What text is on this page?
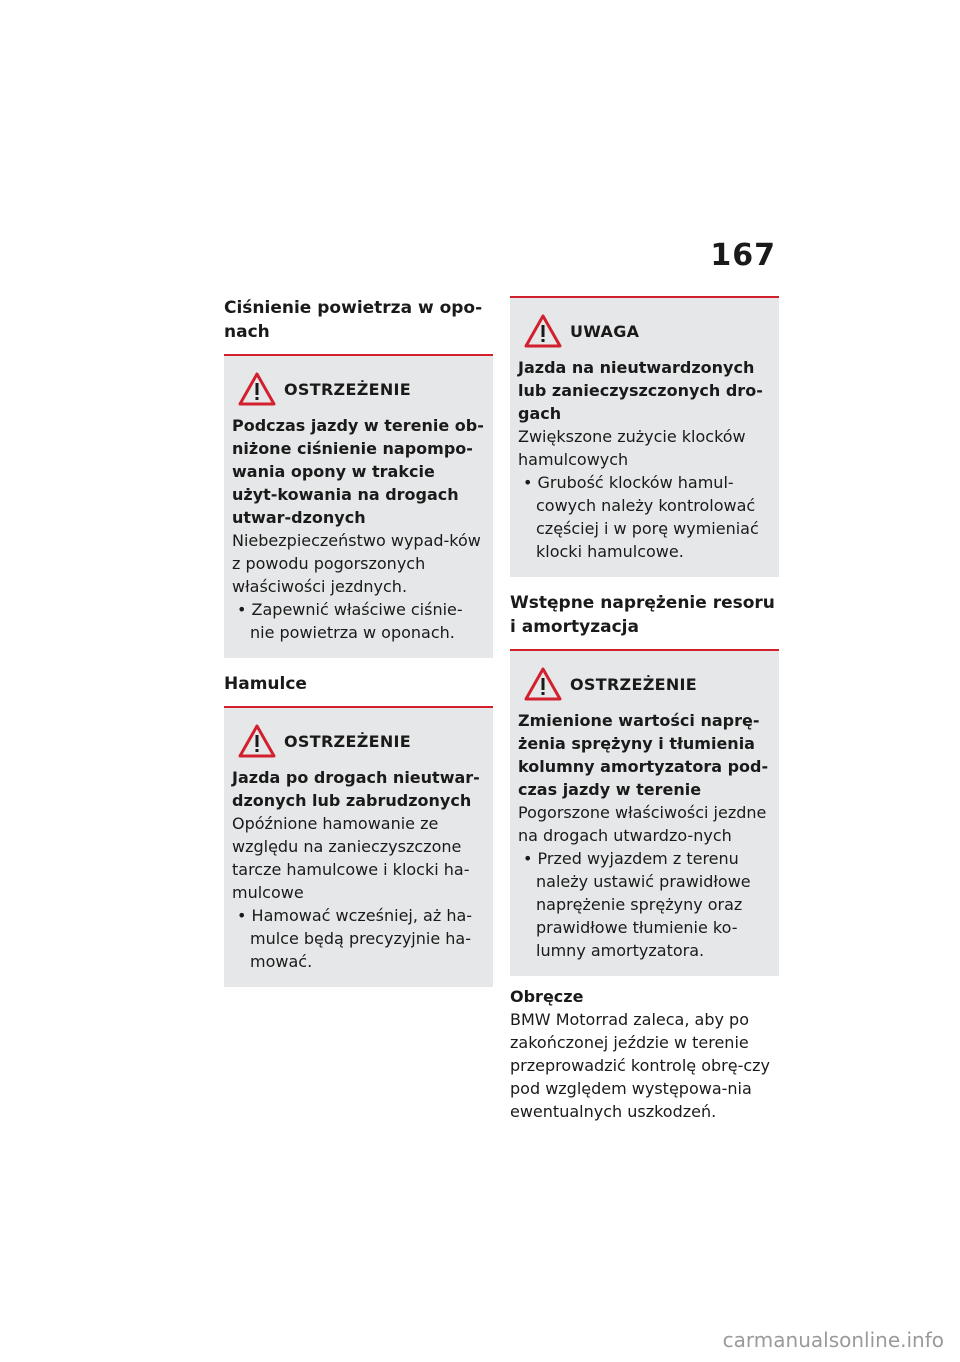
167
Ciśnienie powietrza w opo-nach
OSTRZEŻENIE
Podczas jazdy w terenie ob-niżone ciśnienie napompo-wania opony w trakcie użyt-kowania na drogach utwar-dzonych
Niebezpieczeństwo wypad-ków z powodu pogorszonych właściwości jezdnych.
• Zapewnić właściwe ciśnie-nie powietrza w oponach.
Hamulce
OSTRZEŻENIE
Jazda po drogach nieutwar-dzonych lub zabrudzonych
Opóźnione hamowanie ze względu na zanieczyszczone tarcze hamulcowe i klocki ha-mulcowe
• Hamować wcześniej, aż ha-mulce będą precyzyjnie ha-mować.
UWAGA
Jazda na nieutwardzonych lub zanieczyszczonych dro-gach
Zwiększone zużycie klocków hamulcowych
• Grubość klocków hamul-cowych należy kontrolować częściej i w porę wymieniać klocki hamulcowe.
Wstępne naprężenie resoru i amortyzacja
OSTRZEŻENIE
Zmienione wartości naprę-żenia sprężyny i tłumienia kolumny amortyzatora pod-czas jazdy w terenie
Pogorszone właściwości jezdne na drogach utwardzo-nych
• Przed wyjazdem z terenu należy ustawić prawidłowe naprężenie sprężyny oraz prawidłowe tłumienie ko-lumny amortyzatora.
Obręcze
BMW Motorrad zaleca, aby po zakończonej jeździe w terenie przeprowadzić kontrolę obrę-czy pod względem występowa-nia ewentualnych uszkodzeń.
carmanualsonline.info
